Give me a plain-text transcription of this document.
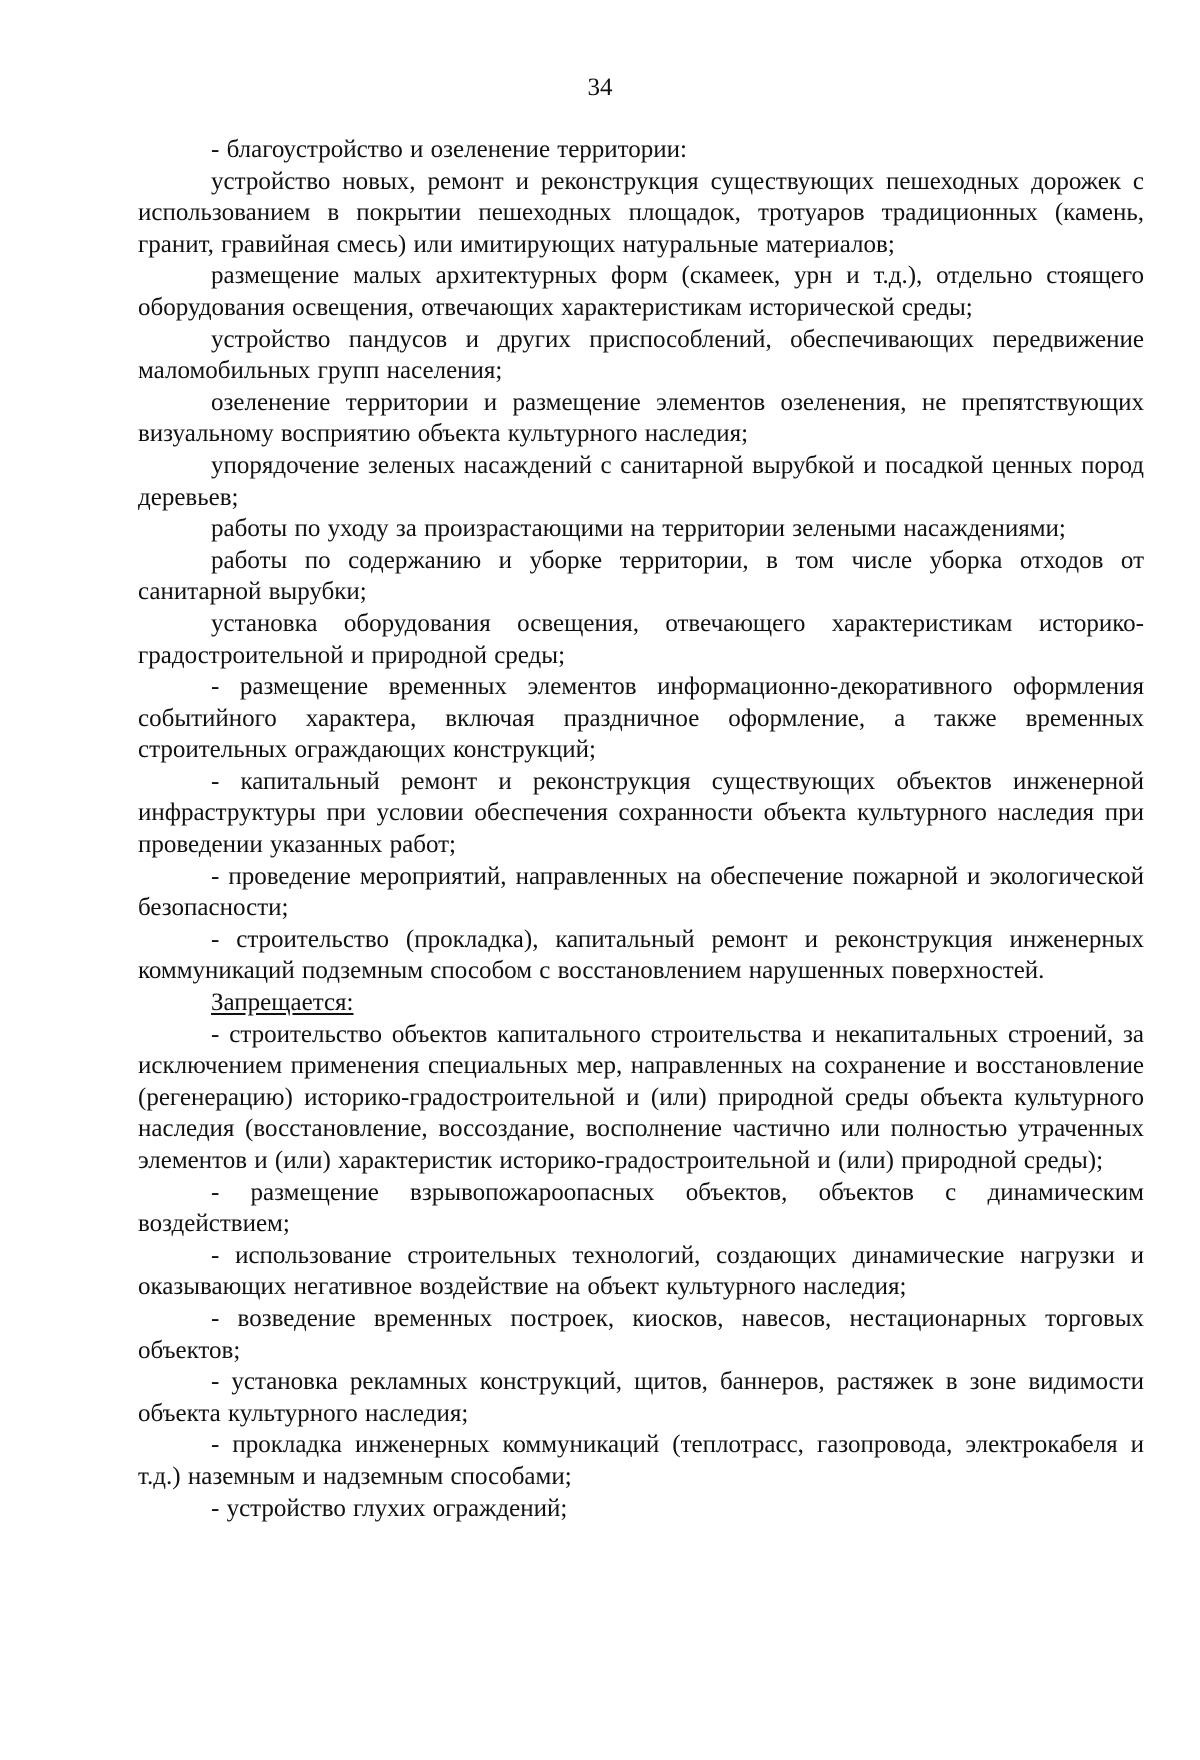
34

- благоустройство и озеленение территории:

устройство новых, ремонт и реконструкция существующих пешеходных дорожек с использованием в покрытии пешеходных площадок, тротуаров традиционных (камень, гранит, гравийная смесь) или имитирующих натуральные материалов;

размещение малых архитектурных форм (скамеек, урн и т.д.), отдельно стоящего оборудования освещения, отвечающих характеристикам исторической среды;

устройство пандусов и других приспособлений, обеспечивающих передвижение маломобильных групп населения;

озеленение территории и размещение элементов озеленения, не препятствующих визуальному восприятию объекта культурного наследия;

упорядочение зеленых насаждений с санитарной вырубкой и посадкой ценных пород деревьев;

работы по уходу за произрастающими на территории зелеными насаждениями;

работы по содержанию и уборке территории, в том числе уборка отходов от санитарной вырубки;

установка оборудования освещения, отвечающего характеристикам историко-градостроительной и природной среды;

- размещение временных элементов информационно-декоративного оформления событийного характера, включая праздничное оформление, а также временных строительных ограждающих конструкций;

- капитальный ремонт и реконструкция существующих объектов инженерной инфраструктуры при условии обеспечения сохранности объекта культурного наследия при проведении указанных работ;

- проведение мероприятий, направленных на обеспечение пожарной и экологической безопасности;

- строительство (прокладка), капитальный ремонт и реконструкция инженерных коммуникаций подземным способом с восстановлением нарушенных поверхностей.

Запрещается:

- строительство объектов капитального строительства и некапитальных строений, за исключением применения специальных мер, направленных на сохранение и восстановление (регенерацию) историко-градостроительной и (или) природной среды объекта культурного наследия (восстановление, воссоздание, восполнение частично или полностью утраченных элементов и (или) характеристик историко-градостроительной и (или) природной среды);

- размещение взрывопожароопасных объектов, объектов с динамическим воздействием;

- использование строительных технологий, создающих динамические нагрузки и оказывающих негативное воздействие на объект культурного наследия;

- возведение временных построек, киосков, навесов, нестационарных торговых объектов;

- установка рекламных конструкций, щитов, баннеров, растяжек в зоне видимости объекта культурного наследия;

- прокладка инженерных коммуникаций (теплотрасс, газопровода, электрокабеля и т.д.) наземным и надземным способами;

- устройство глухих ограждений;
